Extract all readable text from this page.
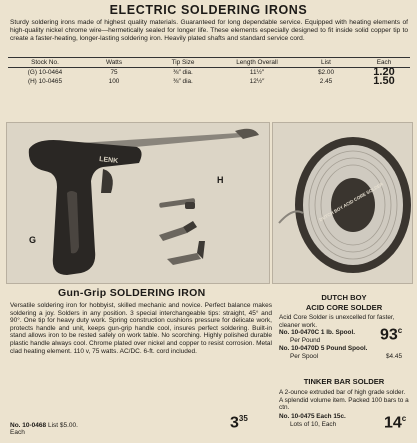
ELECTRIC SOLDERING IRONS
Sturdy soldering irons made of highest quality materials. Guaranteed for long dependable service. Equipped with heating elements of high-quality nickel chrome wire—hermetically sealed for longer life. These elements especially designed to fit inside solid copper tip to create a faster-heating, longer-lasting soldering iron. Heavily plated shafts and standard service cord.
Stock No.	Watts	Tip Size	Length Overall	List	Each
(G) 10-0464	75	⅜″ dia.	11½″	$2.00	1.20
(H) 10-0465	100	⅜″ dia.	12½″	2.45	1.50
LENK
G
H
DUTCH BOY ACID CORE SOLDER
Gun-Grip SOLDERING IRON
Versatile soldering iron for hobbyist, skilled mechanic and novice. Perfect balance makes soldering a joy. Solders in any position. 3 special interchangeable tips: straight, 45° and 90°. One tip for heavy duty work. Spring construction cushions pressure for delicate work, protects handle and unit, keeps gun-grip handle cool, insures perfect soldering. Built-in stand allows iron to be rested safely on work table. No scorching. Highly polished durable plastic handle always cool. Chrome plated over nickel and copper to resist corrosion. Metal clad heating element. 110 v, 75 watts. AC/DC. 6-ft. cord included.
No. 10-0468 List $5.00.
Each
$3^{35}$
DUTCH BOY
ACID CORE SOLDER
Acid Core Solder is unexcelled for faster, cleaner work.
No. 10-0470C 1 lb. Spool.
Per Pound	93$^c$
No. 10-0470D 5 Pound Spool.
Per Spool	$4.45
TINKER BAR SOLDER
A 2-ounce extruded bar of high grade solder. A splendid volume item. Packed 100 bars to a ctn.
No. 10-0475 Each 15c.
Lots of 10, Each	14$^c$
